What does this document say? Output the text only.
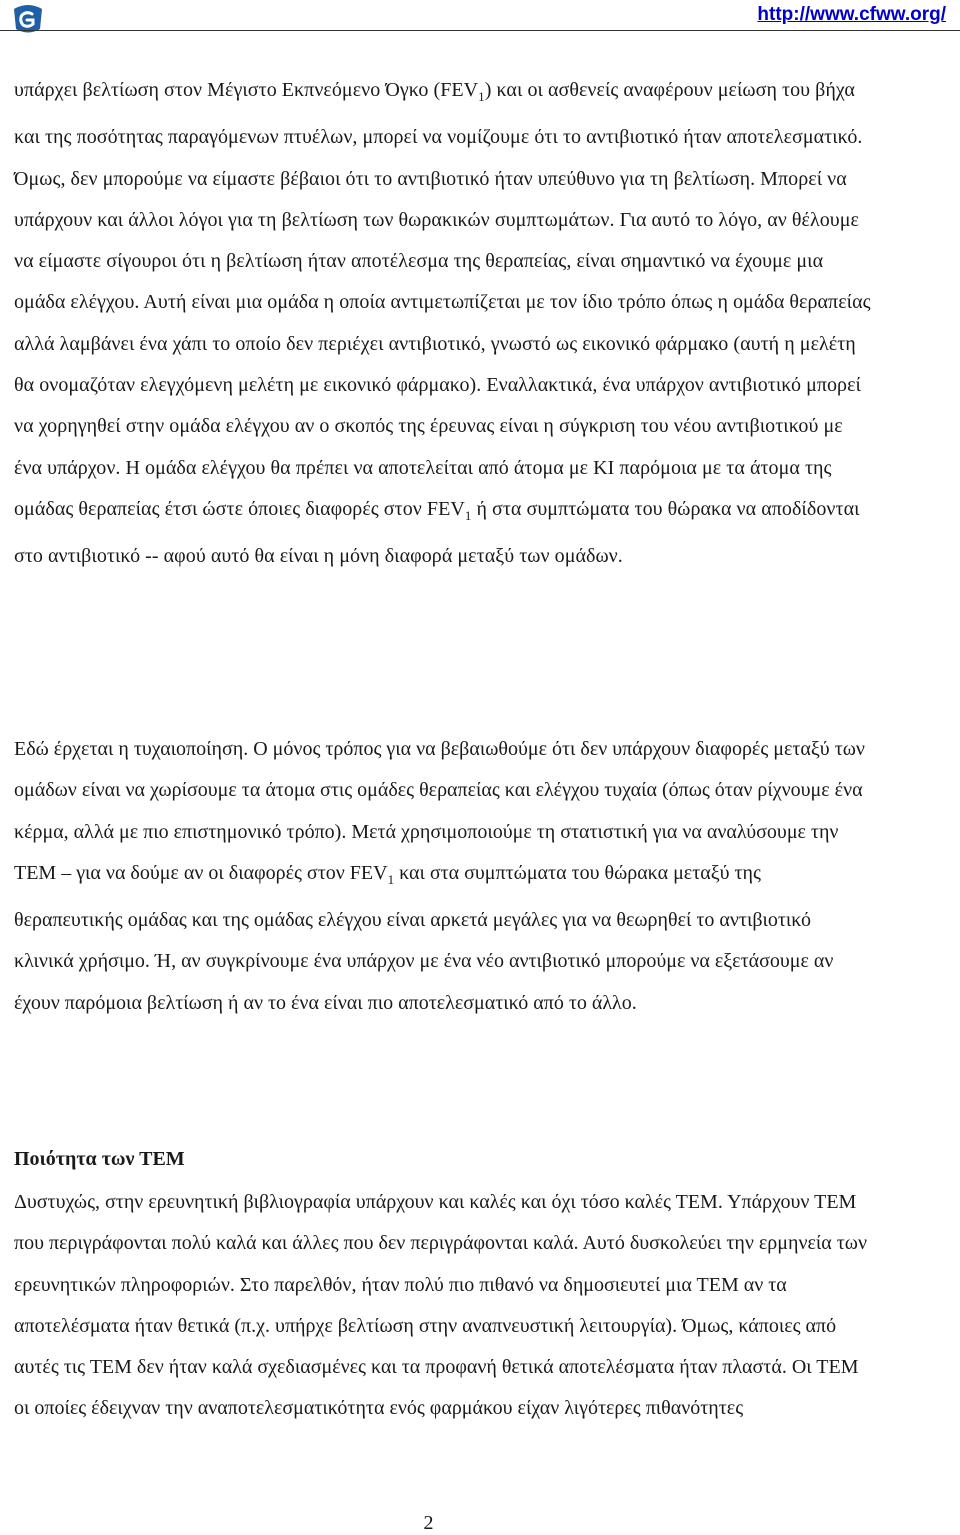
http://www.cfww.org/

υπάρχει βελτίωση στον Μέγιστο Εκπνεόμενο Όγκο $(FEV_1)$ και οι ασθενείς αναφέρουν μείωση του βήχα και της ποσότητας παραγόμενων πτυέλων, μπορεί να νομίζουμε ότι το αντιβιοτικό ήταν αποτελεσματικό. Όμως, δεν μπορούμε να είμαστε βέβαιοι ότι το αντιβιοτικό ήταν υπεύθυνο για τη βελτίωση. Μπορεί να υπάρχουν και άλλοι λόγοι για τη βελτίωση των θωρακικών συμπτωμάτων. Για αυτό το λόγο, αν θέλουμε να είμαστε σίγουροι ότι η βελτίωση ήταν αποτέλεσμα της θεραπείας, είναι σημαντικό να έχουμε μια ομάδα ελέγχου. Αυτή είναι μια ομάδα η οποία αντιμετωπίζεται με τον ίδιο τρόπο όπως η ομάδα θεραπείας αλλά λαμβάνει ένα χάπι το οποίο δεν περιέχει αντιβιοτικό, γνωστό ως εικονικό φάρμακο (αυτή η μελέτη θα ονομαζόταν ελεγχόμενη μελέτη με εικονικό φάρμακο). Εναλλακτικά, ένα υπάρχον αντιβιοτικό μπορεί να χορηγηθεί στην ομάδα ελέγχου αν ο σκοπός της έρευνας είναι η σύγκριση του νέου αντιβιοτικού με ένα υπάρχον. Η ομάδα ελέγχου θα πρέπει να αποτελείται από άτομα με ΚΙ παρόμοια με τα άτομα της ομάδας θεραπείας έτσι ώστε όποιες διαφορές στον $FEV_1$ ή στα συμπτώματα του θώρακα να αποδίδονται στο αντιβιοτικό -- αφού αυτό θα είναι η μόνη διαφορά μεταξύ των ομάδων.

Εδώ έρχεται η τυχαιοποίηση. Ο μόνος τρόπος για να βεβαιωθούμε ότι δεν υπάρχουν διαφορές μεταξύ των ομάδων είναι να χωρίσουμε τα άτομα στις ομάδες θεραπείας και ελέγχου τυχαία (όπως όταν ρίχνουμε ένα κέρμα, αλλά με πιο επιστημονικό τρόπο). Μετά χρησιμοποιούμε τη στατιστική για να αναλύσουμε την ΤΕΜ – για να δούμε αν οι διαφορές στον $FEV_1$ και στα συμπτώματα του θώρακα μεταξύ της θεραπευτικής ομάδας και της ομάδας ελέγχου είναι αρκετά μεγάλες για να θεωρηθεί το αντιβιοτικό κλινικά χρήσιμο. Ή, αν συγκρίνουμε ένα υπάρχον με ένα νέο αντιβιοτικό μπορούμε να εξετάσουμε αν έχουν παρόμοια βελτίωση ή αν το ένα είναι πιο αποτελεσματικό από το άλλο.

Ποιότητα των ΤΕΜ

Δυστυχώς, στην ερευνητική βιβλιογραφία υπάρχουν και καλές και όχι τόσο καλές ΤΕΜ. Υπάρχουν ΤΕΜ που περιγράφονται πολύ καλά και άλλες που δεν περιγράφονται καλά. Αυτό δυσκολεύει την ερμηνεία των ερευνητικών πληροφοριών. Στο παρελθόν, ήταν πολύ πιο πιθανό να δημοσιευτεί μια ΤΕΜ αν τα αποτελέσματα ήταν θετικά (π.χ. υπήρχε βελτίωση στην αναπνευστική λειτουργία). Όμως, κάποιες από αυτές τις ΤΕΜ δεν ήταν καλά σχεδιασμένες και τα προφανή θετικά αποτελέσματα ήταν πλαστά. Οι ΤΕΜ οι οποίες έδειχναν την αναποτελεσματικότητα ενός φαρμάκου είχαν λιγότερες πιθανότητες

2
